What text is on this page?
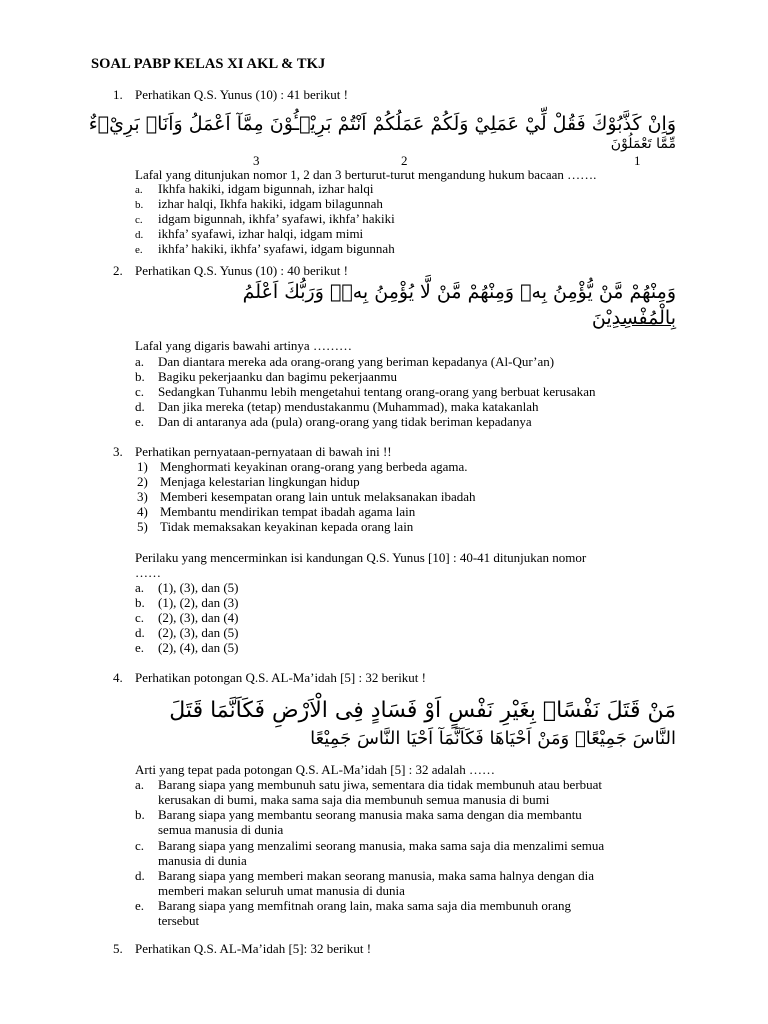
SOAL PABP KELAS XI AKL & TKJ
1. Perhatikan Q.S. Yunus (10) : 41 berikut !
وَاِنْ كَذَّبُوْكَ فَقُلْ لِّيْ عَمَلِيْ وَلَكُمْ عَمَلُكُمْ اَنْتُمْ بَرِيْۤـُٔوْنَ مِمَّآ اَعْمَلُ وَاَنَا۠ بَرِيْۤءٌ
مِّمَّا تَعْمَلُوْنَ
3	2	1
Lafal yang ditunjukan nomor 1, 2 dan 3 berturut-turut mengandung hukum bacaan …….
a. Ikhfa hakiki, idgam bigunnah, izhar halqi
b. izhar halqi, Ikhfa hakiki, idgam bilagunnah
c. idgam bigunnah, ikhfa’ syafawi, ikhfa’ hakiki
d. ikhfa’ syafawi, izhar halqi, idgam mimi
e. ikhfa’ hakiki, ikhfa’ syafawi, idgam bigunnah
2. Perhatikan Q.S. Yunus (10) : 40 berikut !
وَمِنْهُمْ مَّنْ يُّؤْمِنُ بِهٖ وَمِنْهُمْ مَّنْ لَّا يُؤْمِنُ بِهٖۗ وَرَبُّكَ اَعْلَمُ
بِالْمُفْسِدِيْنَ
Lafal yang digaris bawahi artinya ………
a. Dan diantara mereka ada orang-orang yang beriman kepadanya (Al-Qur’an)
b. Bagiku pekerjaanku dan bagimu pekerjaanmu
c. Sedangkan Tuhanmu lebih mengetahui tentang orang-orang yang berbuat kerusakan
d. Dan jika mereka (tetap) mendustakanmu (Muhammad), maka katakanlah
e. Dan di antaranya ada (pula) orang-orang yang tidak beriman kepadanya
3. Perhatikan pernyataan-pernyataan di bawah ini !!
1) Menghormati keyakinan orang-orang yang berbeda agama.
2) Menjaga kelestarian lingkungan hidup
3) Memberi kesempatan orang lain untuk melaksanakan ibadah
4) Membantu mendirikan tempat ibadah agama lain
5) Tidak memaksakan keyakinan kepada orang lain
Perilaku yang mencerminkan isi kandungan Q.S. Yunus [10] : 40-41 ditunjukan nomor
……
a. (1), (3), dan (5)
b. (1), (2), dan (3)
c. (2), (3), dan (4)
d. (2), (3), dan (5)
e. (2), (4), dan (5)
4. Perhatikan potongan Q.S. AL-Ma’idah [5] : 32 berikut !
مَنْ قَتَلَ نَفْسًاۢ بِغَيْرِ نَفْسٍ اَوْ فَسَادٍ فِى الْاَرْضِ فَكَاَنَّمَا قَتَلَ
النَّاسَ جَمِيْعًاۗ وَمَنْ اَحْيَاهَا فَكَاَنَّمَآ اَحْيَا النَّاسَ جَمِيْعًا
Arti yang tepat pada potongan Q.S. AL-Ma’idah [5] : 32 adalah ……
a. Barang siapa yang membunuh satu jiwa, sementara dia tidak membunuh atau berbuat
kerusakan di bumi, maka sama saja dia membunuh semua manusia di bumi
b. Barang siapa yang membantu seorang manusia maka sama dengan dia membantu
semua manusia di dunia
c. Barang siapa yang menzalimi seorang manusia, maka sama saja dia menzalimi semua
manusia di dunia
d. Barang siapa yang memberi makan seorang manusia, maka sama halnya dengan dia
memberi makan seluruh umat manusia di dunia
e. Barang siapa yang memfitnah orang lain, maka sama saja dia membunuh orang
tersebut
5. Perhatikan Q.S. AL-Ma’idah [5]: 32 berikut !
